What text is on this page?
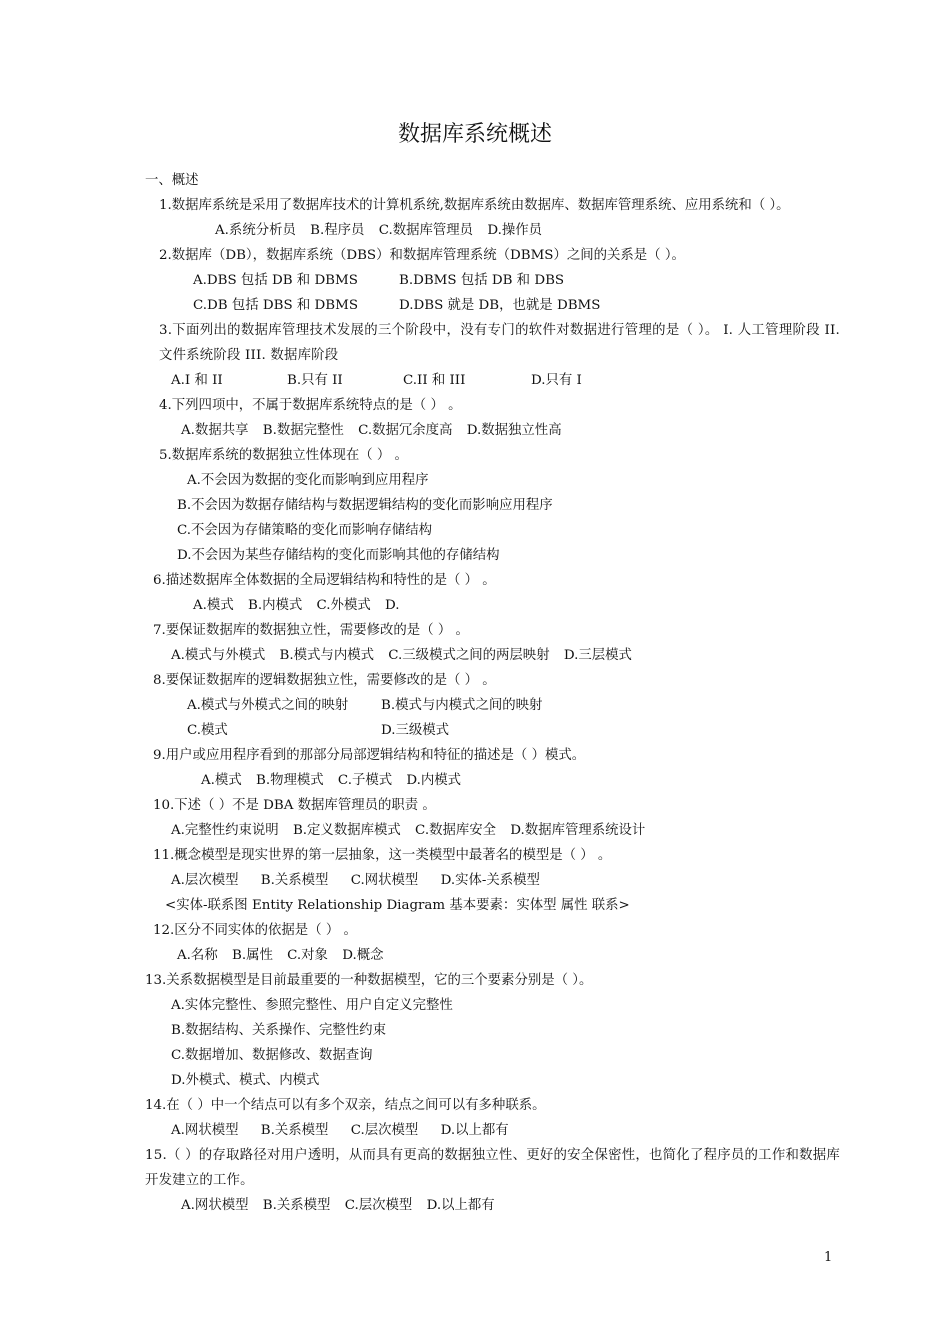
数据库系统概述
一、概述
1.数据库系统是采用了数据库技术的计算机系统,数据库系统由数据库、数据库管理系统、应用系统和（ ）。
A.系统分析员 B.程序员 C.数据库管理员 D.操作员
2.数据库（DB），数据库系统（DBS）和数据库管理系统（DBMS）之间的关系是（ ）。
A.DBS 包括 DB 和 DBMS	B.DBMS 包括 DB 和 DBS
C.DB 包括 DBS 和 DBMS	D.DBS 就是 DB，也就是 DBMS
3.下面列出的数据库管理技术发展的三个阶段中，没有专门的软件对数据进行管理的是（ ）。 I. 人工管理阶段 II. 文件系统阶段 III. 数据库阶段
A.I 和 II	B.只有 II	C.II 和 III	D.只有 I
4.下列四项中，不属于数据库系统特点的是（ ） 。
A.数据共享 B.数据完整性 C.数据冗余度高 D.数据独立性高
5.数据库系统的数据独立性体现在（ ） 。
A.不会因为数据的变化而影响到应用程序
B.不会因为数据存储结构与数据逻辑结构的变化而影响应用程序
C.不会因为存储策略的变化而影响存储结构
D.不会因为某些存储结构的变化而影响其他的存储结构
6.描述数据库全体数据的全局逻辑结构和特性的是（ ） 。
A.模式 B.内模式 C.外模式 D.
7.要保证数据库的数据独立性，需要修改的是（ ） 。
A.模式与外模式 B.模式与内模式 C.三级模式之间的两层映射 D.三层模式
8.要保证数据库的逻辑数据独立性，需要修改的是（ ） 。
A.模式与外模式之间的映射 B.模式与内模式之间的映射
C.模式	D.三级模式
9.用户或应用程序看到的那部分局部逻辑结构和特征的描述是（ ）模式。
A.模式 B.物理模式 C.子模式 D.内模式
10.下述（ ）不是 DBA 数据库管理员的职责 。
A.完整性约束说明 B.定义数据库模式 C.数据库安全 D.数据库管理系统设计
11.概念模型是现实世界的第一层抽象，这一类模型中最著名的模型是（ ） 。
A.层次模型 B.关系模型 C.网状模型 D.实体-关系模型
<实体-联系图 Entity Relationship Diagram 基本要素：实体型 属性 联系>
12.区分不同实体的依据是（ ） 。
A.名称 B.属性 C.对象 D.概念
13.关系数据模型是目前最重要的一种数据模型，它的三个要素分别是（ ）。
A.实体完整性、参照完整性、用户自定义完整性
B.数据结构、关系操作、完整性约束
C.数据增加、数据修改、数据查询
D.外模式、模式、内模式
14.在（ ）中一个结点可以有多个双亲，结点之间可以有多种联系。
A.网状模型 B.关系模型 C.层次模型 D.以上都有
15.（ ）的存取路径对用户透明，从而具有更高的数据独立性、更好的安全保密性，也简化了程序员的工作和数据库开发建立的工作。
A.网状模型 B.关系模型 C.层次模型 D.以上都有
1
